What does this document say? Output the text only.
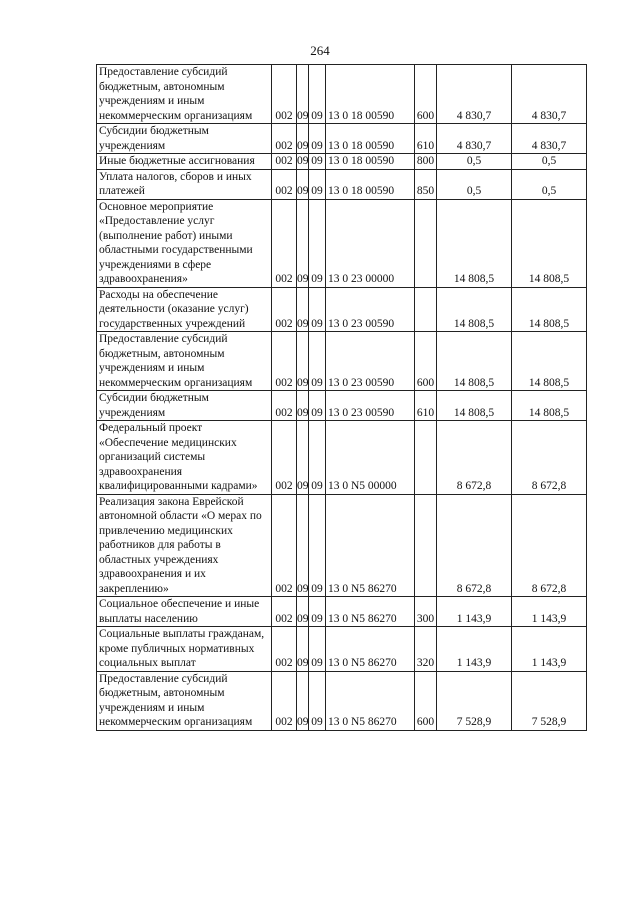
264
Предоставление субсидий бюджетным, автономным учреждениям и иным некоммерческим организациям	002	09	09	13 0 18 00590	600	4 830,7	4 830,7
Субсидии бюджетным учреждениям	002	09	09	13 0 18 00590	610	4 830,7	4 830,7
Иные бюджетные ассигнования	002	09	09	13 0 18 00590	800	0,5	0,5
Уплата налогов, сборов и иных платежей	002	09	09	13 0 18 00590	850	0,5	0,5
Основное мероприятие «Предоставление услуг (выполнение работ) иными областными государственными учреждениями в сфере здравоохранения»	002	09	09	13 0 23 00000		14 808,5	14 808,5
Расходы на обеспечение деятельности (оказание услуг) государственных учреждений	002	09	09	13 0 23 00590		14 808,5	14 808,5
Предоставление субсидий бюджетным, автономным учреждениям и иным некоммерческим организациям	002	09	09	13 0 23 00590	600	14 808,5	14 808,5
Субсидии бюджетным учреждениям	002	09	09	13 0 23 00590	610	14 808,5	14 808,5
Федеральный проект «Обеспечение медицинских организаций системы здравоохранения квалифицированными кадрами»	002	09	09	13 0 N5 00000		8 672,8	8 672,8
Реализация закона Еврейской автономной области «О мерах по привлечению медицинских работников для работы в областных учреждениях здравоохранения и их закреплению»	002	09	09	13 0 N5 86270		8 672,8	8 672,8
Социальное обеспечение и иные выплаты населению	002	09	09	13 0 N5 86270	300	1 143,9	1 143,9
Социальные выплаты гражданам, кроме публичных нормативных социальных выплат	002	09	09	13 0 N5 86270	320	1 143,9	1 143,9
Предоставление субсидий бюджетным, автономным учреждениям и иным некоммерческим организациям	002	09	09	13 0 N5 86270	600	7 528,9	7 528,9
